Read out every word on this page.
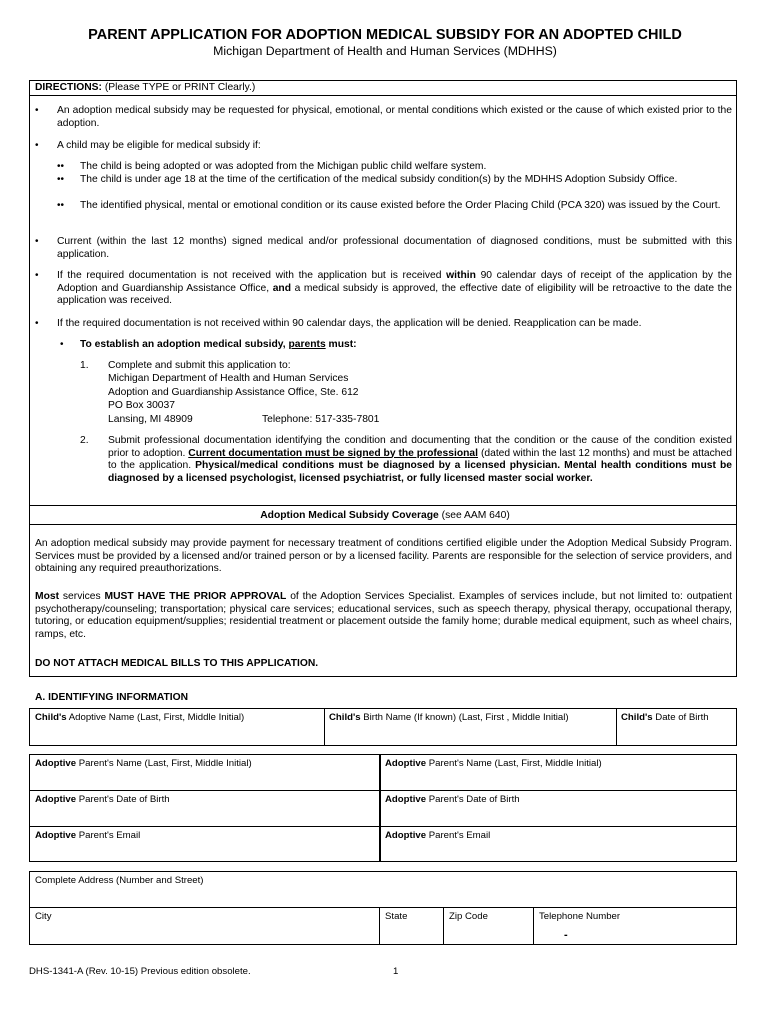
PARENT APPLICATION FOR ADOPTION MEDICAL SUBSIDY FOR AN ADOPTED CHILD
Michigan Department of Health and Human Services (MDHHS)
DIRECTIONS: (Please TYPE or PRINT Clearly.)
• An adoption medical subsidy may be requested for physical, emotional, or mental conditions which existed or the cause of which existed prior to the adoption.
• A child may be eligible for medical subsidy if:
•• The child is being adopted or was adopted from the Michigan public child welfare system.
•• The child is under age 18 at the time of the certification of the medical subsidy condition(s) by the MDHHS Adoption Subsidy Office.
•• The identified physical, mental or emotional condition or its cause existed before the Order Placing Child (PCA 320) was issued by the Court.
• Current (within the last 12 months) signed medical and/or professional documentation of diagnosed conditions, must be submitted with this application.
• If the required documentation is not received with the application but is received within 90 calendar days of receipt of the application by the Adoption and Guardianship Assistance Office, and a medical subsidy is approved, the effective date of eligibility will be retroactive to the date the application was received.
• If the required documentation is not received within 90 calendar days, the application will be denied. Reapplication can be made.
• To establish an adoption medical subsidy, parents must:
1. Complete and submit this application to:
Michigan Department of Health and Human Services
Adoption and Guardianship Assistance Office, Ste. 612
PO Box 30037
Lansing, MI 48909	Telephone: 517-335-7801
2. Submit professional documentation identifying the condition and documenting that the condition or the cause of the condition existed prior to adoption. Current documentation must be signed by the professional (dated within the last 12 months) and must be attached to the application. Physical/medical conditions must be diagnosed by a licensed physician. Mental health conditions must be diagnosed by a licensed psychologist, licensed psychiatrist, or fully licensed master social worker.
Adoption Medical Subsidy Coverage (see AAM 640)
An adoption medical subsidy may provide payment for necessary treatment of conditions certified eligible under the Adoption Medical Subsidy Program. Services must be provided by a licensed and/or trained person or by a licensed facility. Parents are responsible for the selection of service providers, and obtaining any required preauthorizations.
Most services MUST HAVE THE PRIOR APPROVAL of the Adoption Services Specialist. Examples of services include, but not limited to: outpatient psychotherapy/counseling; transportation; physical care services; educational services, such as speech therapy, physical therapy, occupational therapy, tutoring, or education equipment/supplies; residential treatment or placement outside the family home; durable medical equipment, such as wheel chairs, ramps, etc.
DO NOT ATTACH MEDICAL BILLS TO THIS APPLICATION.
A. IDENTIFYING INFORMATION
Child's Adoptive Name (Last, First, Middle Initial)	Child's Birth Name (If known) (Last, First , Middle Initial)	Child's Date of Birth
Adoptive Parent's Name (Last, First, Middle Initial)	Adoptive Parent's Name (Last, First, Middle Initial)
Adoptive Parent's Date of Birth	Adoptive Parent's Date of Birth
Adoptive Parent's Email	Adoptive Parent's Email
Complete Address (Number and Street)
City	State	Zip Code	Telephone Number
-
DHS-1341-A (Rev. 10-15) Previous edition obsolete.	1
